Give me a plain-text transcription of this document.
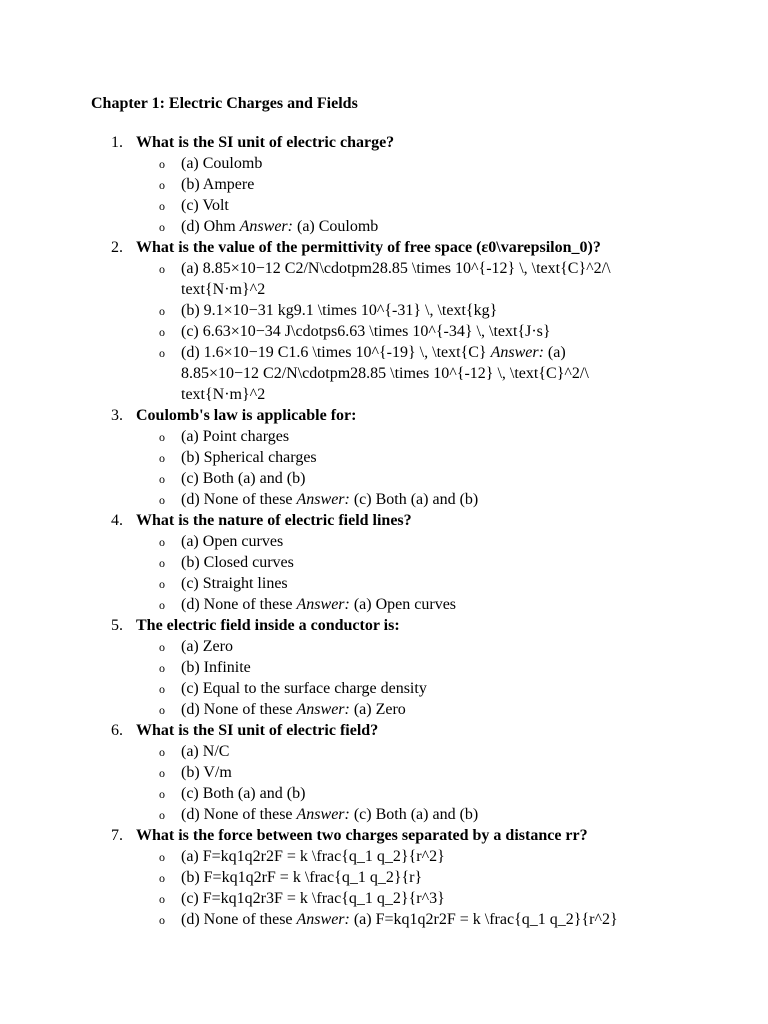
Chapter 1: Electric Charges and Fields
1. What is the SI unit of electric charge?
o (a) Coulomb
o (b) Ampere
o (c) Volt
o (d) Ohm Answer: (a) Coulomb
2. What is the value of the permittivity of free space (ε0\varepsilon_0)?
o (a) 8.85×10−12 C2/N\cdotpm28.85 \times 10^{-12} \, \text{C}^2/\ text{N·m}^2
o (b) 9.1×10−31 kg9.1 \times 10^{-31} \, \text{kg}
o (c) 6.63×10−34 J\cdotps6.63 \times 10^{-34} \, \text{J·s}
o (d) 1.6×10−19 C1.6 \times 10^{-19} \, \text{C} Answer: (a) 8.85×10−12 C2/N\cdotpm28.85 \times 10^{-12} \, \text{C}^2/\ text{N·m}^2
3. Coulomb's law is applicable for:
o (a) Point charges
o (b) Spherical charges
o (c) Both (a) and (b)
o (d) None of these Answer: (c) Both (a) and (b)
4. What is the nature of electric field lines?
o (a) Open curves
o (b) Closed curves
o (c) Straight lines
o (d) None of these Answer: (a) Open curves
5. The electric field inside a conductor is:
o (a) Zero
o (b) Infinite
o (c) Equal to the surface charge density
o (d) None of these Answer: (a) Zero
6. What is the SI unit of electric field?
o (a) N/C
o (b) V/m
o (c) Both (a) and (b)
o (d) None of these Answer: (c) Both (a) and (b)
7. What is the force between two charges separated by a distance rr?
o (a) F=kq1q2r2F = k \frac{q_1 q_2}{r^2}
o (b) F=kq1q2rF = k \frac{q_1 q_2}{r}
o (c) F=kq1q2r3F = k \frac{q_1 q_2}{r^3}
o (d) None of these Answer: (a) F=kq1q2r2F = k \frac{q_1 q_2}{r^2}
